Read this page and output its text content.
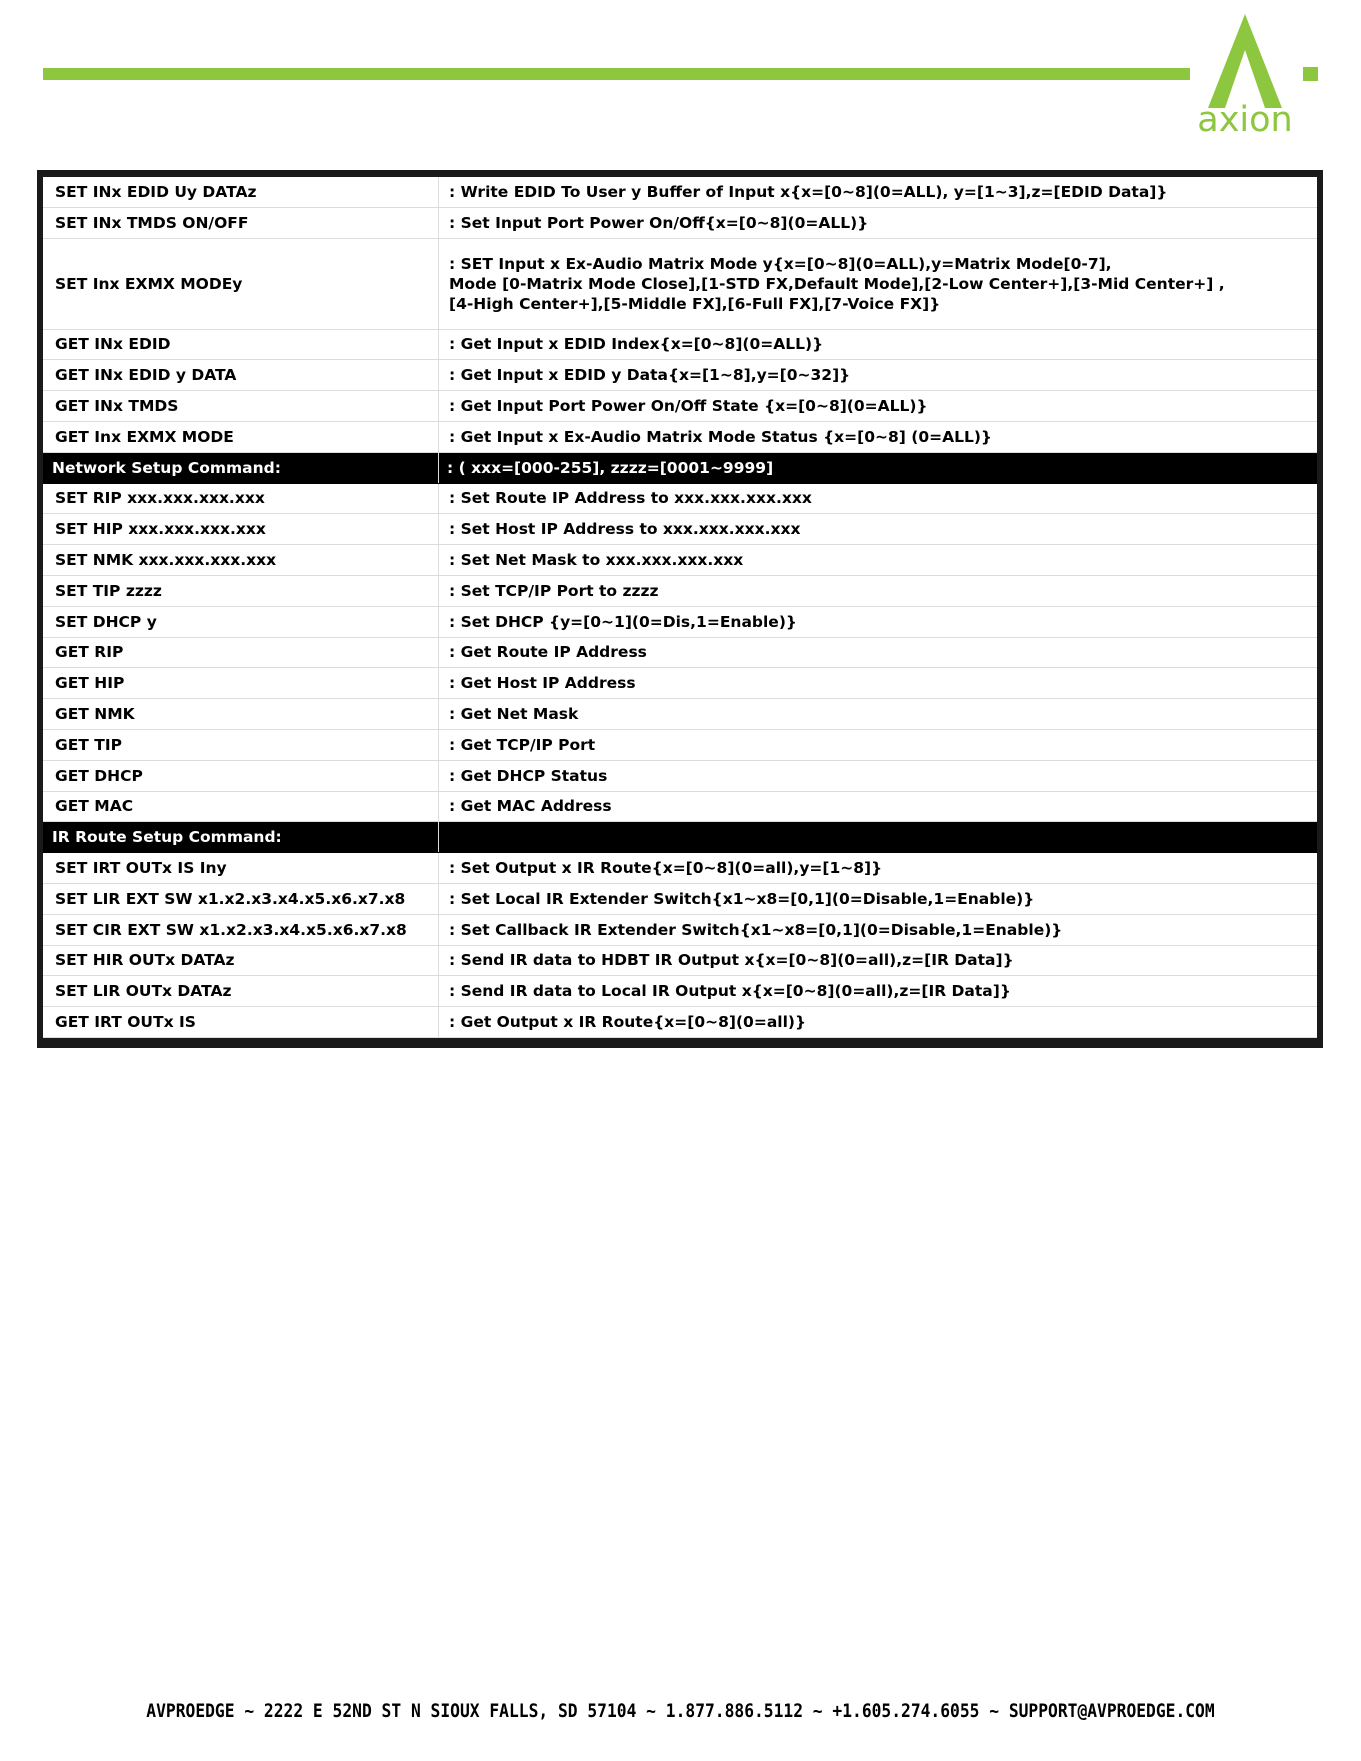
axion
SET INx EDID Uy DATAz	: Write EDID To User y Buffer of Input x{x=[0~8](0=ALL), y=[1~3],z=[EDID Data]}
SET INx TMDS ON/OFF	: Set Input Port Power On/Off{x=[0~8](0=ALL)}
SET Inx EXMX MODEy	: SET Input x Ex-Audio Matrix Mode y{x=[0~8](0=ALL),y=Matrix Mode[0-7],
Mode [0-Matrix Mode Close],[1-STD FX,Default Mode],[2-Low Center+],[3-Mid Center+] ,
[4-High Center+],[5-Middle FX],[6-Full FX],[7-Voice FX]}

GET INx EDID	: Get Input x EDID Index{x=[0~8](0=ALL)}
GET INx EDID y DATA	: Get Input x EDID y Data{x=[1~8],y=[0~32]}
GET INx TMDS	: Get Input Port Power On/Off State {x=[0~8](0=ALL)}
GET Inx EXMX MODE	: Get Input x Ex-Audio Matrix Mode Status {x=[0~8] (0=ALL)}
Network Setup Command:	: ( xxx=[000-255], zzzz=[0001~9999]
SET RIP xxx.xxx.xxx.xxx	: Set Route IP Address to xxx.xxx.xxx.xxx
SET HIP xxx.xxx.xxx.xxx	: Set Host IP Address to xxx.xxx.xxx.xxx
SET NMK xxx.xxx.xxx.xxx	: Set Net Mask to xxx.xxx.xxx.xxx
SET TIP zzzz	: Set TCP/IP Port to zzzz
SET DHCP y	: Set DHCP {y=[0~1](0=Dis,1=Enable)}
GET RIP	: Get Route IP Address
GET HIP	: Get Host IP Address
GET NMK	: Get Net Mask
GET TIP	: Get TCP/IP Port
GET DHCP	: Get DHCP Status
GET MAC	: Get MAC Address
IR Route Setup Command:	
SET IRT OUTx IS Iny	: Set Output x IR Route{x=[0~8](0=all),y=[1~8]}
SET LIR EXT SW x1.x2.x3.x4.x5.x6.x7.x8	: Set Local IR Extender Switch{x1~x8=[0,1](0=Disable,1=Enable)}
SET CIR EXT SW x1.x2.x3.x4.x5.x6.x7.x8	: Set Callback IR Extender Switch{x1~x8=[0,1](0=Disable,1=Enable)}
SET HIR OUTx DATAz	: Send IR data to HDBT IR Output x{x=[0~8](0=all),z=[IR Data]}
SET LIR OUTx DATAz	: Send IR data to Local IR Output x{x=[0~8](0=all),z=[IR Data]}
GET IRT OUTx IS	: Get Output x IR Route{x=[0~8](0=all)}
AVPROEDGE ~ 2222 E 52ND ST N SIOUX FALLS, SD 57104 ~ 1.877.886.5112 ~ +1.605.274.6055 ~ SUPPORT@AVPROEDGE.COM
